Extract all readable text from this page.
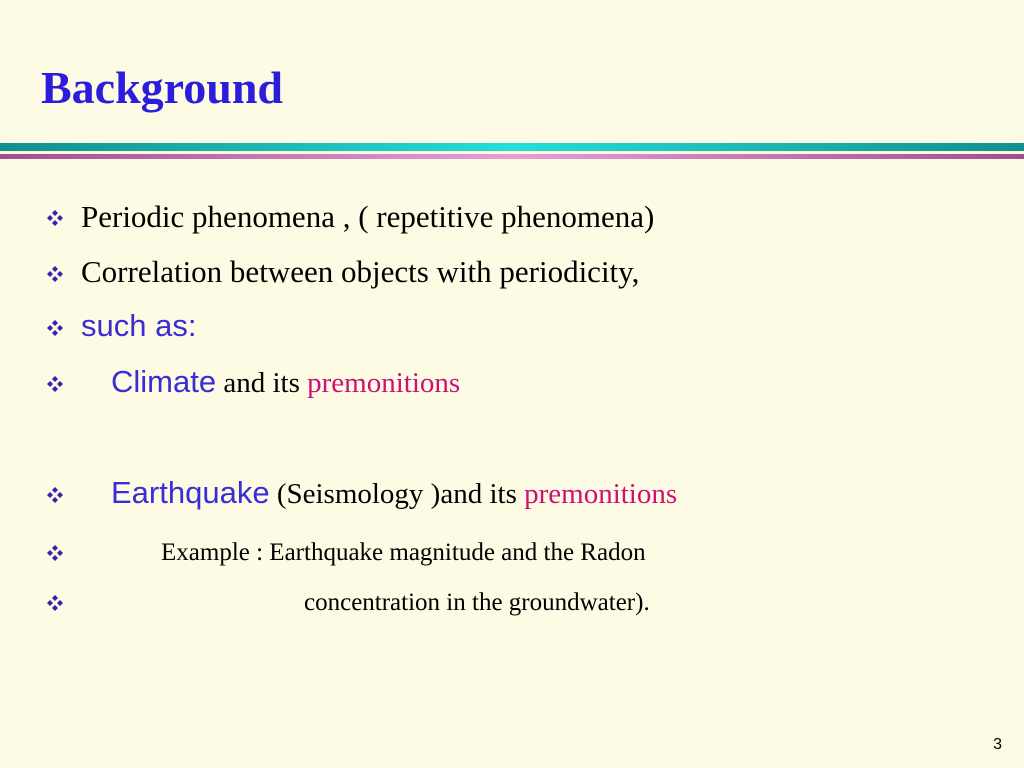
Background
Periodic phenomena , ( repetitive phenomena)
Correlation between objects with periodicity,
such as:
Climate and its premonitions
Earthquake (Seismology )and its premonitions
Example : Earthquake magnitude and the Radon
concentration in the groundwater).
3
